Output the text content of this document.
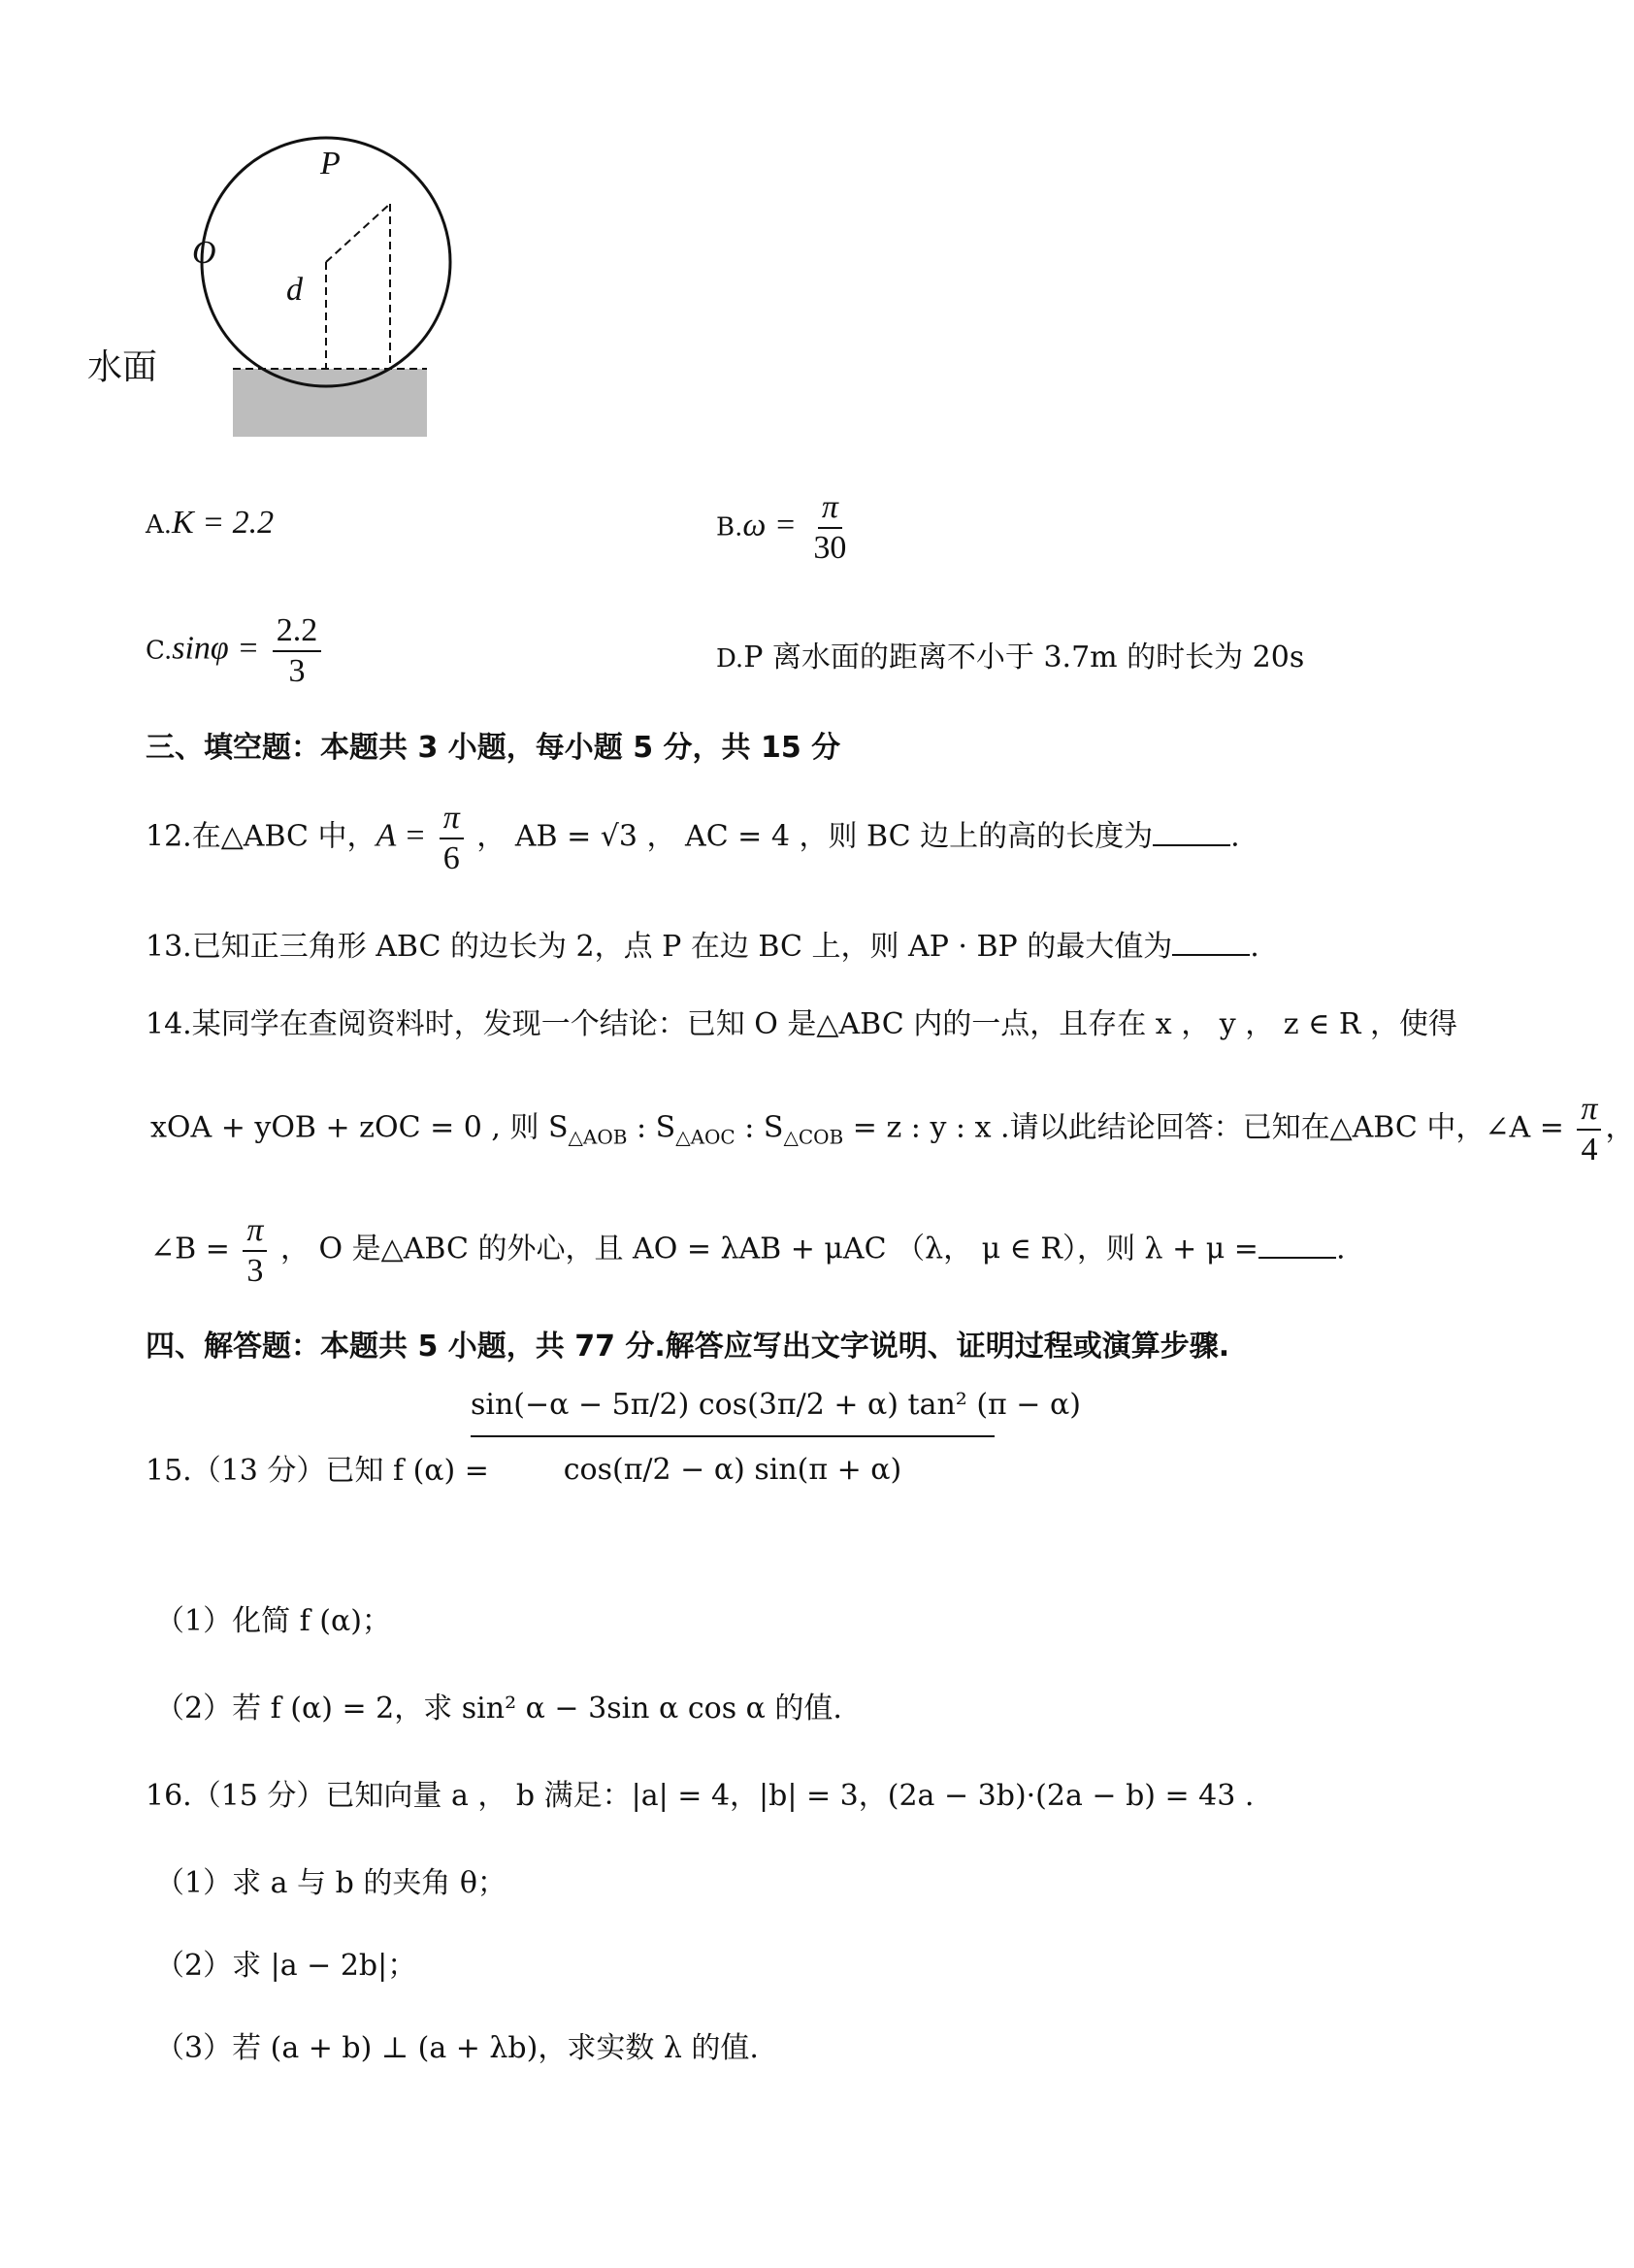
P
O
d
水面
A.K = 2.2	$B.\omega = \frac{\pi}{30}$
$C.\sin\varphi = \frac{2.2}{3}$	D.P 离水面的距离不小于 3.7m 的时长为 20s
三、填空题：本题共 3 小题，每小题 5 分，共 15 分
12.在△ABC 中，$A = \frac{\pi}{6}$ ， AB = √3 ， AC = 4 ，则 BC 边上的高的长度为	.
13.已知正三角形 ABC 的边长为 2，点 P 在边 BC 上，则 AP · BP 的最大值为	.
14.某同学在查阅资料时，发现一个结论：已知 O 是△ABC 内的一点，且存在 x ， y ， z ∈ R ，使得
xOA + yOB + zOC = 0 , 则 $S_{\triangle AOB}$ : $S_{\triangle AOC}$ : $S_{\triangle COB} = z$ : y : x .请以此结论回答：已知在△ABC 中，∠A = $\frac{\pi}{4}$ ，
∠B = $\frac{\pi}{3}$ ， O 是△ABC 的外心，且 AO = λAB + μAC （λ， μ ∈ R），则 λ + μ =	.
四、解答题：本题共 5 小题，共 77 分.解答应写出文字说明、证明过程或演算步骤.
15.（13 分）已知 f (α) =
$\frac{\text{sin(−α − 5π/2) cos(3π/2 + α) tan² (π − α)}}{\cos(\pi/2 - \alpha) \sin(\pi + \alpha)}$
（1）化简 f (α)；
（2）若 f (α) = 2，求 sin² α − 3sin α cos α 的值.
16.（15 分）已知向量 a ， b 满足：|a| = 4，|b| = 3，(2a − 3b)·(2a − b) = 43 .
（1）求 a 与 b 的夹角 θ；
（2）求 |a − 2b|；
（3）若 (a + b) ⊥ (a + λb)，求实数 λ 的值.
